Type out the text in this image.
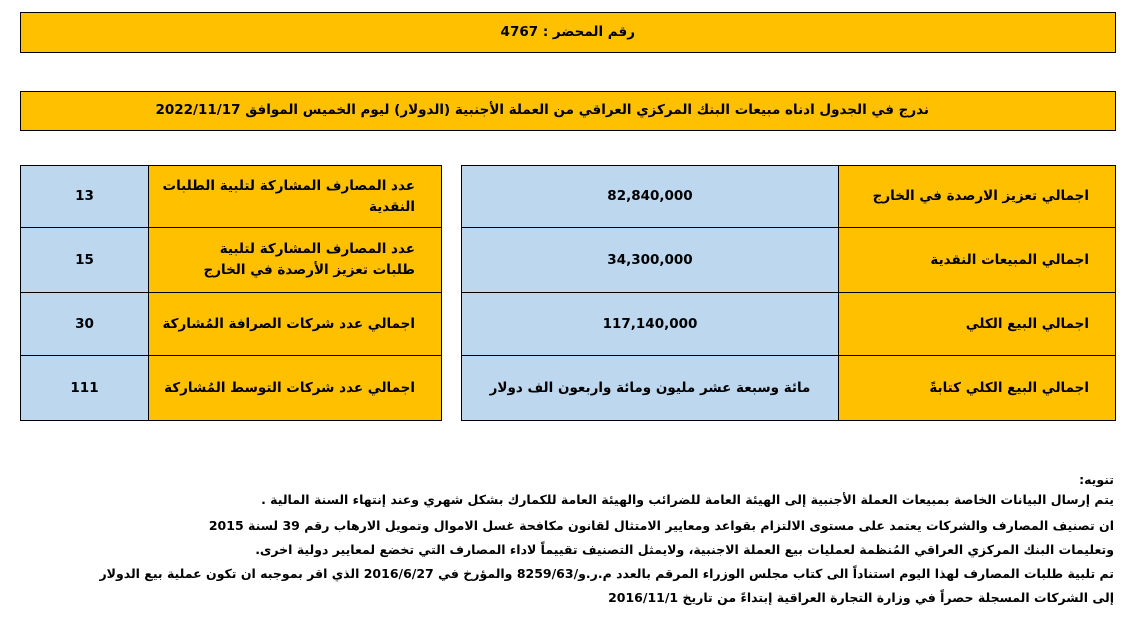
رقم المحضر : 4767
ندرج في الجدول ادناه مبيعات البنك المركزي العراقي من العملة الأجنبية (الدولار) ليوم الخميس الموافق 2022/11/17
اجمالي تعزيز الارصدة في الخارج
82,840,000
اجمالي المبيعات النقدية
34,300,000
اجمالي البيع الكلي
117,140,000
اجمالي البيع الكلي كتابةً
مائة وسبعة عشر مليون ومائة واربعون الف دولار
عدد المصارف المشاركة لتلبية الطلبات النقدية
13
عدد المصارف المشاركة لتلبية طلبات تعزيز الأرصدة في الخارج
15
اجمالي عدد شركات الصرافة المُشاركة
30
اجمالي عدد شركات التوسط المُشاركة
111
تنويه:
يتم إرسال البيانات الخاصة بمبيعات العملة الأجنبية إلى الهيئة العامة للضرائب والهيئة العامة للكمارك بشكل شهري وعند إنتهاء السنة المالية .
ان تصنيف المصارف والشركات يعتمد على مستوى الالتزام بقواعد ومعايير الامتثال لقانون مكافحة غسل الاموال وتمويل الارهاب رقم 39 لسنة 2015
وتعليمات البنك المركزي العراقي المُنظمة لعمليات بيع العملة الاجنبية، ولايمثل التصنيف تقييماً لاداء المصارف التي تخضع لمعايير دولية اخرى.
تم تلبية طلبات المصارف لهذا اليوم استناداً الى كتاب مجلس الوزراء المرقم بالعدد م.ر.و/8259/63 والمؤرخ في 2016/6/27 الذي اقر بموجبه ان تكون عملية بيع الدولار
إلى الشركات المسجلة حصراً في وزارة التجارة العراقية إبتداءً من تاريخ 2016/11/1
